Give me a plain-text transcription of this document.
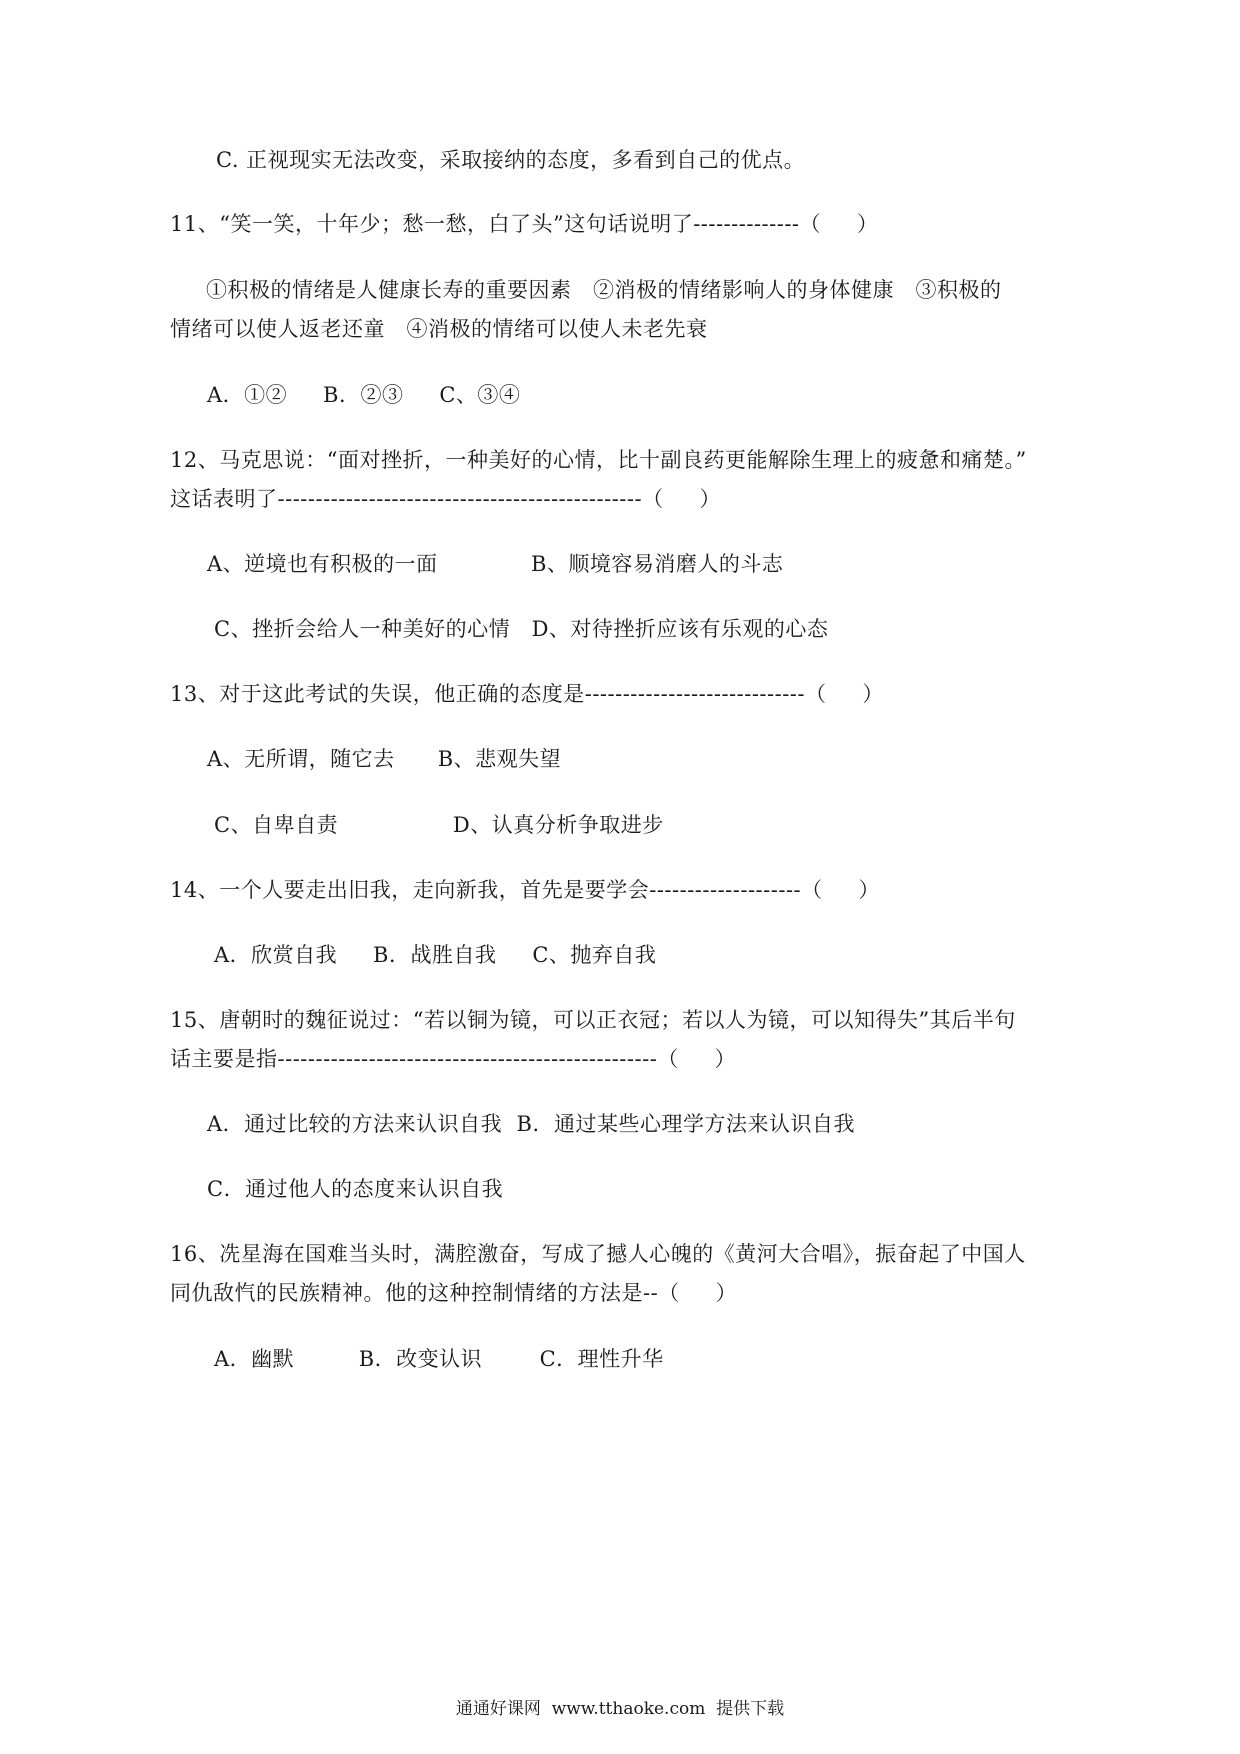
C. 正视现实无法改变，采取接纳的态度，多看到自己的优点。
11、“笑一笑，十年少；愁一愁，白了头”这句话说明了--------------（     ）
①积极的情绪是人健康长寿的重要因素   ②消极的情绪影响人的身体健康   ③积极的
情绪可以使人返老还童   ④消极的情绪可以使人未老先衰
A．①②     B．②③     C、③④
12、马克思说：“面对挫折，一种美好的心情，比十副良药更能解除生理上的疲惫和痛楚。”
这话表明了------------------------------------------------（     ）
A、逆境也有积极的一面             B、顺境容易消磨人的斗志
C、挫折会给人一种美好的心情   D、对待挫折应该有乐观的心态
13、对于这此考试的失误，他正确的态度是-----------------------------（     ）
A、无所谓，随它去      B、悲观失望
C、自卑自责                D、认真分析争取进步
14、一个人要走出旧我，走向新我，首先是要学会--------------------（     ）
A．欣赏自我     B．战胜自我     C、抛弃自我
15、唐朝时的魏征说过：“若以铜为镜，可以正衣冠；若以人为镜，可以知得失”其后半句
话主要是指--------------------------------------------------（     ）
A．通过比较的方法来认识自我  B．通过某些心理学方法来认识自我
C．通过他人的态度来认识自我
16、冼星海在国难当头时，满腔激奋，写成了撼人心魄的《黄河大合唱》，振奋起了中国人
同仇敌忾的民族精神。他的这种控制情绪的方法是--（     ）
A．幽默         B．改变认识        C．理性升华
通通好课网  www.tthaoke.com  提供下载
